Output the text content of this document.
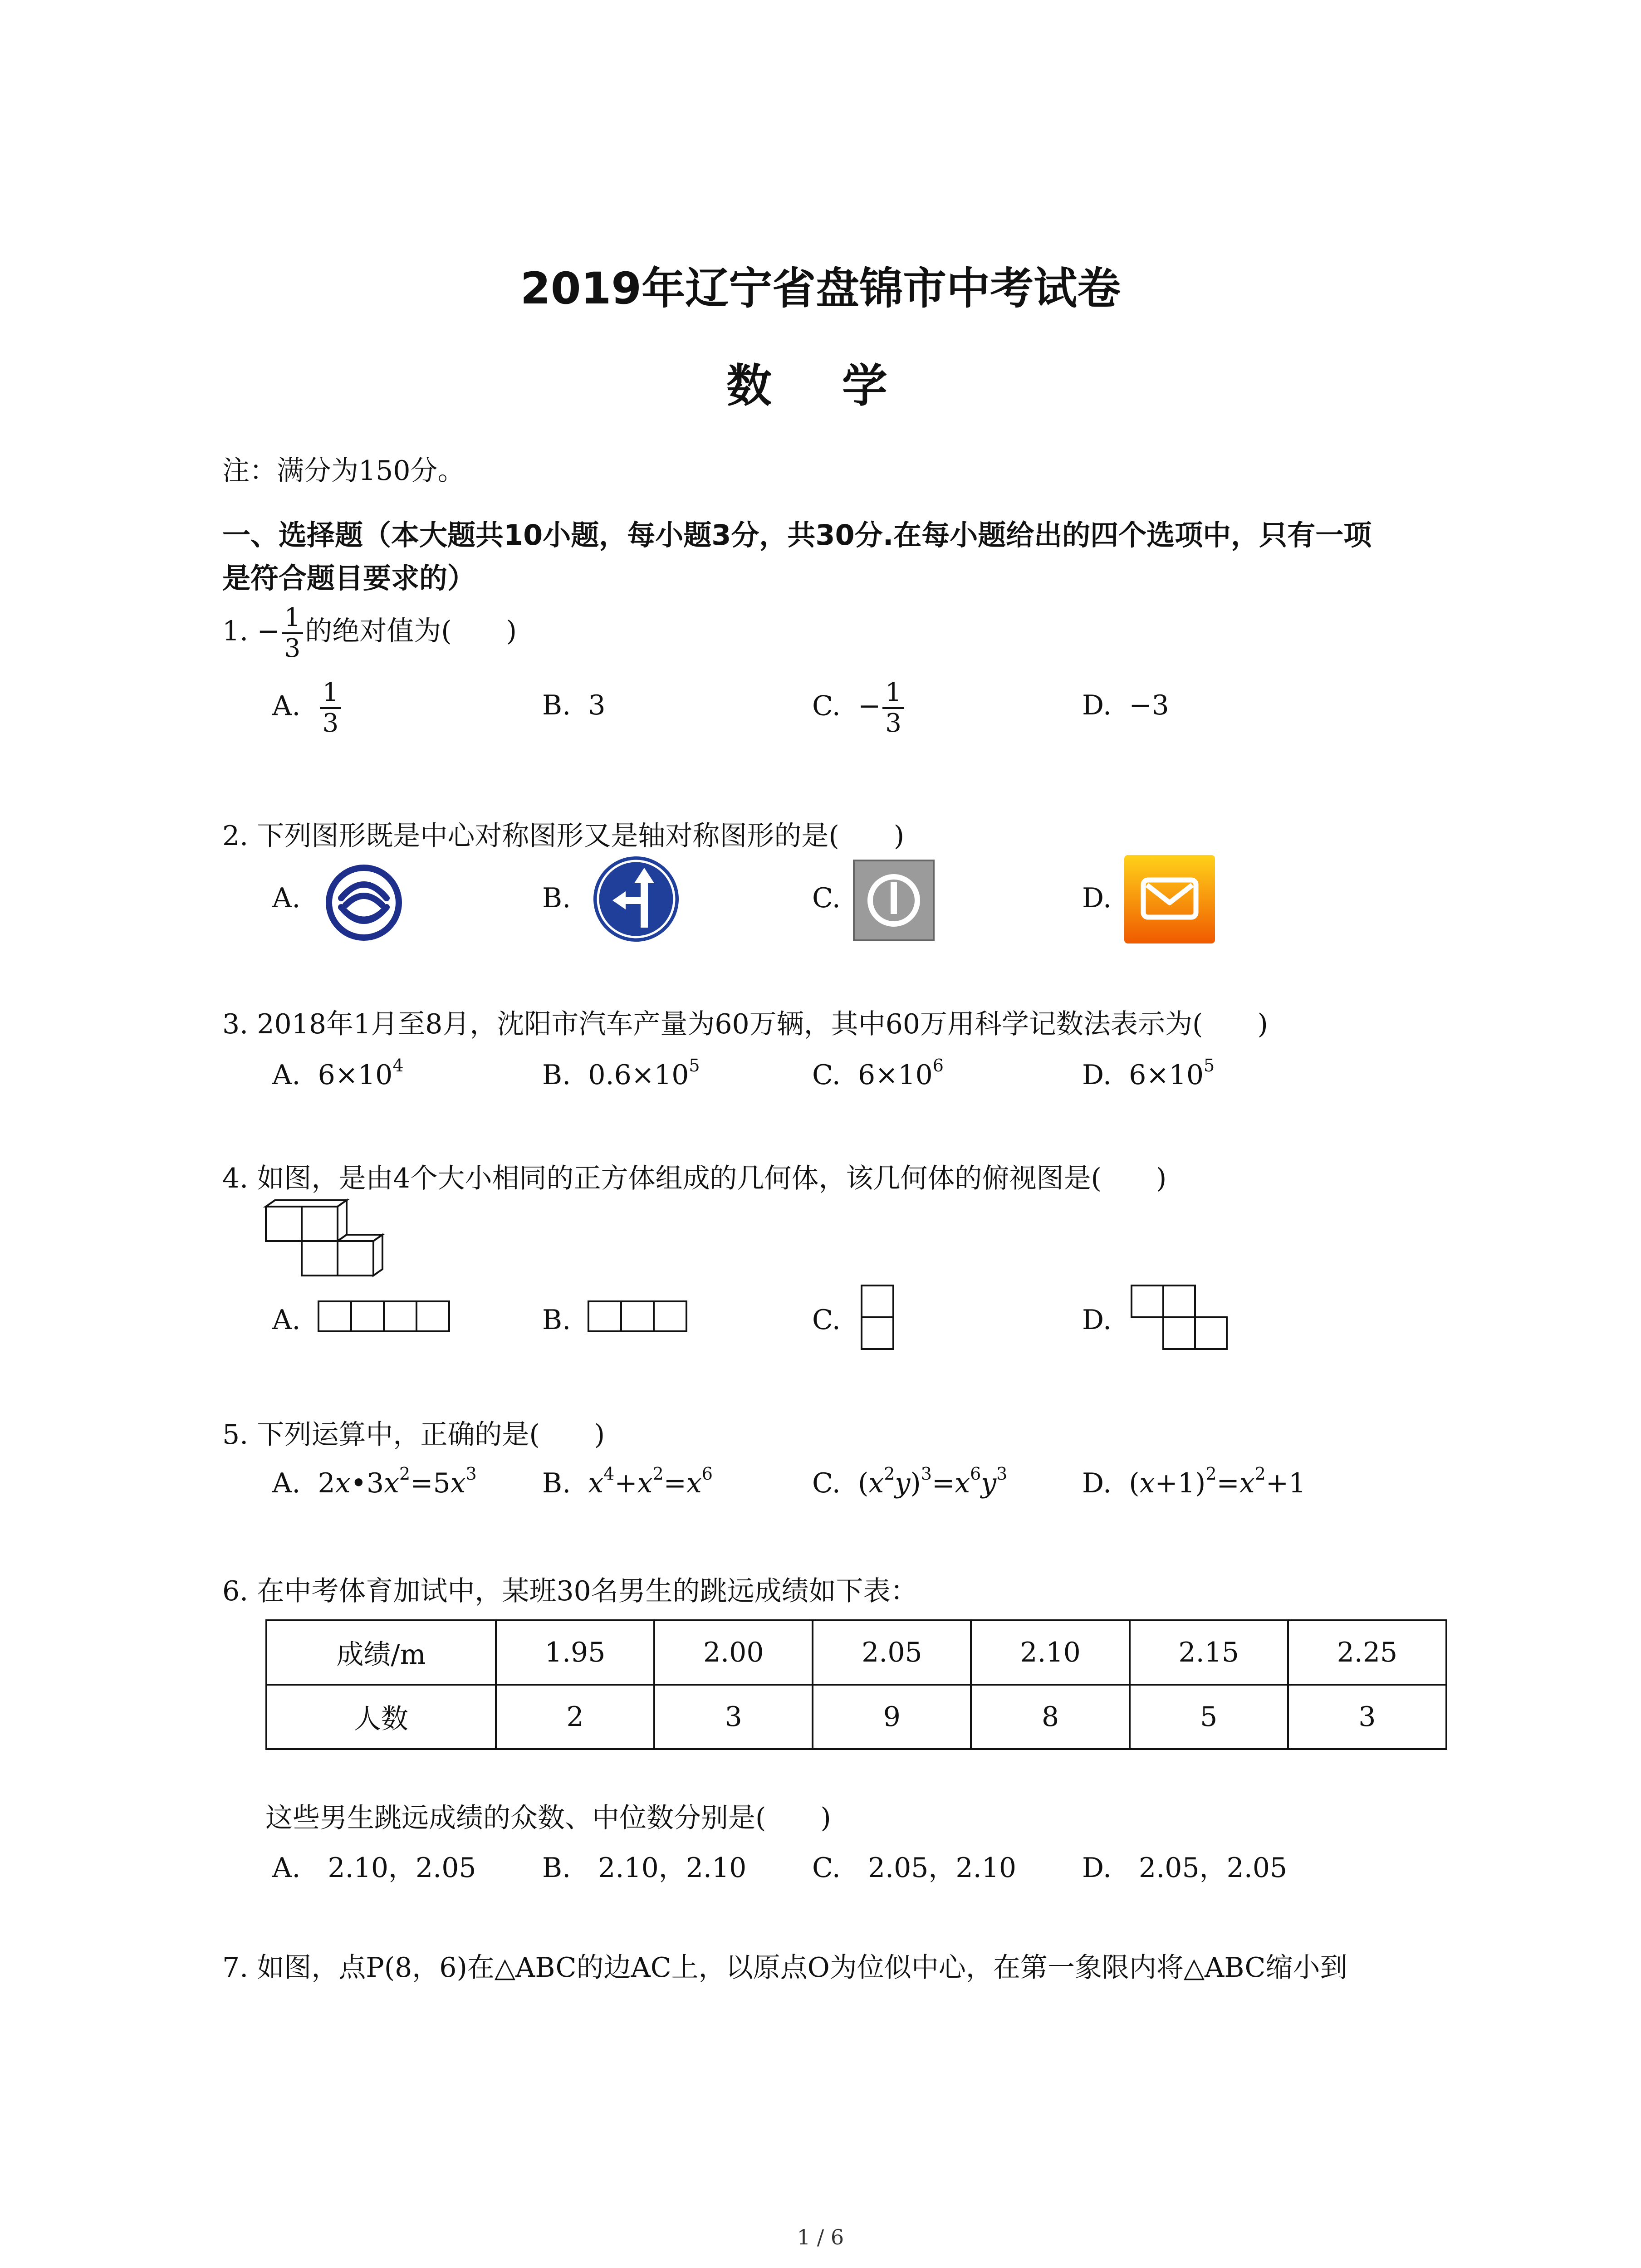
2019年辽宁省盘锦市中考试卷
数 学
注：满分为150分。
一、选择题（本大题共10小题，每小题3分，共30分.在每小题给出的四个选项中，只有一项
是符合题目要求的）
1. − $\frac{1}{3}$ 的绝对值为(　　)
A. $\frac{1}{3}$	B. 3	C. − $\frac{1}{3}$	D. −3
2. 下列图形既是中心对称图形又是轴对称图形的是(　　)
A.	B.	C.	D.
3. 2018年1月至8月，沈阳市汽车产量为60万辆，其中60万用科学记数法表示为(　　)
A. $6\times 10^4$	B. $0.6\times 10^5$	C. $6\times 10^6$	D. $6\times 10^5$
4. 如图，是由4个大小相同的正方体组成的几何体，该几何体的俯视图是(　　)
A.	B.	C.	D.
5. 下列运算中，正确的是(　　)
A.  $2x•3x^2=5x^3$ B. $x^4+x^2=x^6$	C.  $(x^2y)^3=x^6y^3$	D.  $(x+1)^2=x^2+1$
6. 在中考体育加试中，某班30名男生的跳远成绩如下表：
成绩/m	1.95	2.00	2.05	2.10	2.15	2.25
人数	2	3	9	8	5	3
这些男生跳远成绩的众数、中位数分别是(　　)
A.　2.10，2.05 B.　2.10，2.10 C.　2.05，2.10 D.　2.05，2.05
7. 如图，点P(8，6)在△ABC的边AC上，以原点O为位似中心，在第一象限内将△ABC缩小到
1 / 6
